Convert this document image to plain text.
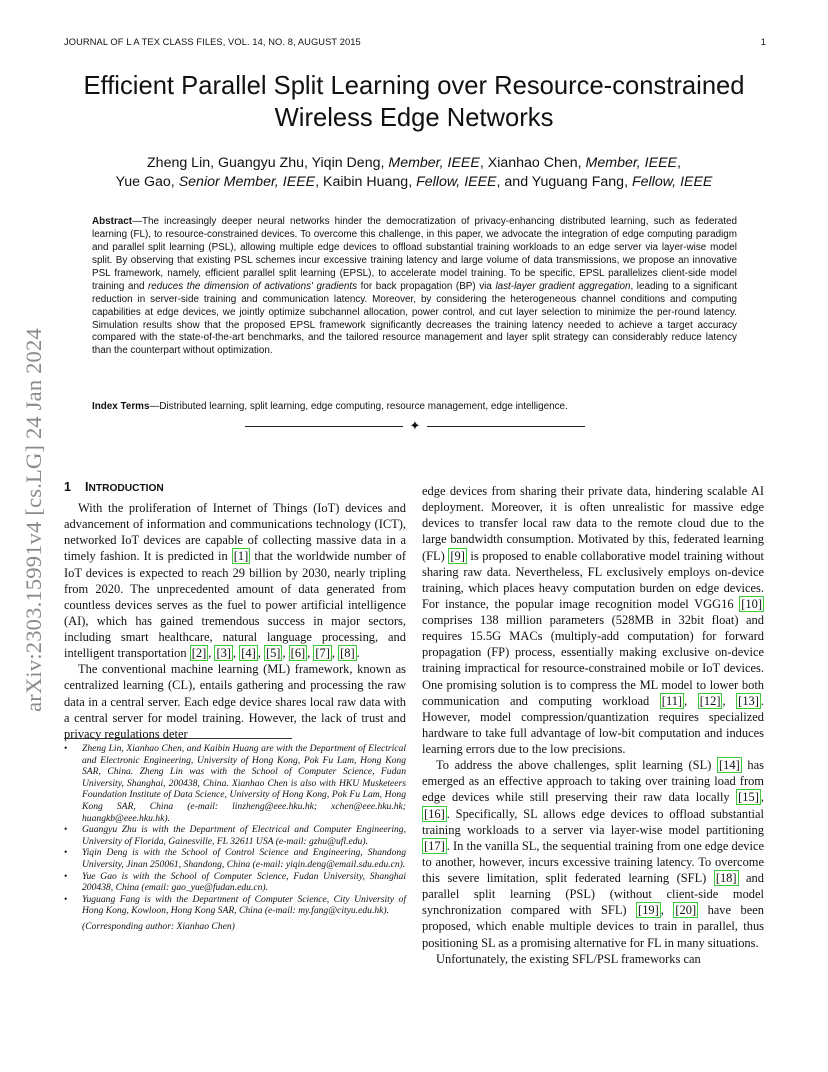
JOURNAL OF L A TEX CLASS FILES, VOL. 14, NO. 8, AUGUST 2015	1
arXiv:2303.15991v4 [cs.LG] 24 Jan 2024
Efficient Parallel Split Learning over Resource-constrained
Wireless Edge Networks
Zheng Lin, Guangyu Zhu, Yiqin Deng, Member, IEEE, Xianhao Chen, Member, IEEE,
Yue Gao, Senior Member, IEEE, Kaibin Huang, Fellow, IEEE, and Yuguang Fang, Fellow, IEEE
Abstract—The increasingly deeper neural networks hinder the democratization of privacy-enhancing distributed learning, such as federated learning (FL), to resource-constrained devices. To overcome this challenge, in this paper, we advocate the integration of edge computing paradigm and parallel split learning (PSL), allowing multiple edge devices to offload substantial training workloads to an edge server via layer-wise model split. By observing that existing PSL schemes incur excessive training latency and large volume of data transmissions, we propose an innovative PSL framework, namely, efficient parallel split learning (EPSL), to accelerate model training. To be specific, EPSL parallelizes client-side model training and reduces the dimension of activations' gradients for back propagation (BP) via last-layer gradient aggregation, leading to a significant reduction in server-side training and communication latency. Moreover, by considering the heterogeneous channel conditions and computing capabilities at edge devices, we jointly optimize subchannel allocation, power control, and cut layer selection to minimize the per-round latency. Simulation results show that the proposed EPSL framework significantly decreases the training latency needed to achieve a target accuracy compared with the state-of-the-art benchmarks, and the tailored resource management and layer split strategy can considerably reduce latency than the counterpart without optimization.
Index Terms—Distributed learning, split learning, edge computing, resource management, edge intelligence.
✦
1 INTRODUCTION

With the proliferation of Internet of Things (IoT) devices and advancement of information and communications technology (ICT), networked IoT devices are capable of collecting massive data in a timely fashion. It is predicted in [1] that the worldwide number of IoT devices is expected to reach 29 billion by 2030, nearly tripling from 2020. The unprecedented amount of data generated from countless devices serves as the fuel to power artificial intelligence (AI), which has gained tremendous success in major sectors, including smart healthcare, natural language processing, and intelligent transportation [2] , [3] , [4] , [5] , [6] , [7] , [8] .

The conventional machine learning (ML) framework, known as centralized learning (CL), entails gathering and processing the raw data in a central server. Each edge device shares local raw data with a central server for model training. However, the lack of trust and privacy regulations deter

• Zheng Lin, Xianhao Chen, and Kaibin Huang are with the Department of Electrical and Electronic Engineering, University of Hong Kong, Pok Fu Lam, Hong Kong SAR, China. Zheng Lin was with the School of Computer Science, Fudan University, Shanghai, 200438, China. Xianhao Chen is also with HKU Musketeers Foundation Institute of Data Science, University of Hong Kong, Pok Fu Lam, Hong Kong SAR, China (e-mail: linzheng@eee.hku.hk; xchen@eee.hku.hk; huangkb@eee.hku.hk).
• Guangyu Zhu is with the Department of Electrical and Computer Engineering, University of Florida, Gainesville, FL 32611 USA (e-mail: gzhu@ufl.edu).
• Yiqin Deng is with the School of Control Science and Engineering, Shandong University, Jinan 250061, Shandong, China (e-mail: yiqin.deng@email.sdu.edu.cn).
• Yue Gao is with the School of Computer Science, Fudan University, Shanghai 200438, China (email: gao_yue@fudan.edu.cn).
• Yuguang Fang is with the Department of Computer Science, City University of Hong Kong, Kowloon, Hong Kong SAR, China (e-mail: my.fang@cityu.edu.hk).
(Corresponding author: Xianhao Chen)

edge devices from sharing their private data, hindering scalable AI deployment. Moreover, it is often unrealistic for massive edge devices to transfer local raw data to the remote cloud due to the large bandwidth consumption. Motivated by this, federated learning (FL) [9] is proposed to enable collaborative model training without sharing raw data. Nevertheless, FL exclusively employs on-device training, which places heavy computation burden on edge devices. For instance, the popular image recognition model VGG16 [10] comprises 138 million parameters (528MB in 32bit float) and requires 15.5G MACs (multiply-add computation) for forward propagation (FP) process, essentially making exclusive on-device training impractical for resource-constrained mobile or IoT devices. One promising solution is to compress the ML model to lower both communication and computing workload [11] , [12] , [13] . However, model compression/quantization requires specialized hardware to take full advantage of low-bit computation and induces learning errors due to the low precisions.

To address the above challenges, split learning (SL) [14] has emerged as an effective approach to taking over training load from edge devices while still preserving their raw data locally [15] , [16] . Specifically, SL allows edge devices to offload substantial training workloads to a server via layer-wise model partitioning [17] . In the vanilla SL, the sequential training from one edge device to another, however, incurs excessive training latency. To overcome this severe limitation, split federated learning (SFL) [18] and parallel split learning (PSL) (without client-side model synchronization compared with SFL) [19] , [20] have been proposed, which enable multiple devices to train in parallel, thus positioning SL as a promising alternative for FL in many situations.

Unfortunately, the existing SFL/PSL frameworks can
